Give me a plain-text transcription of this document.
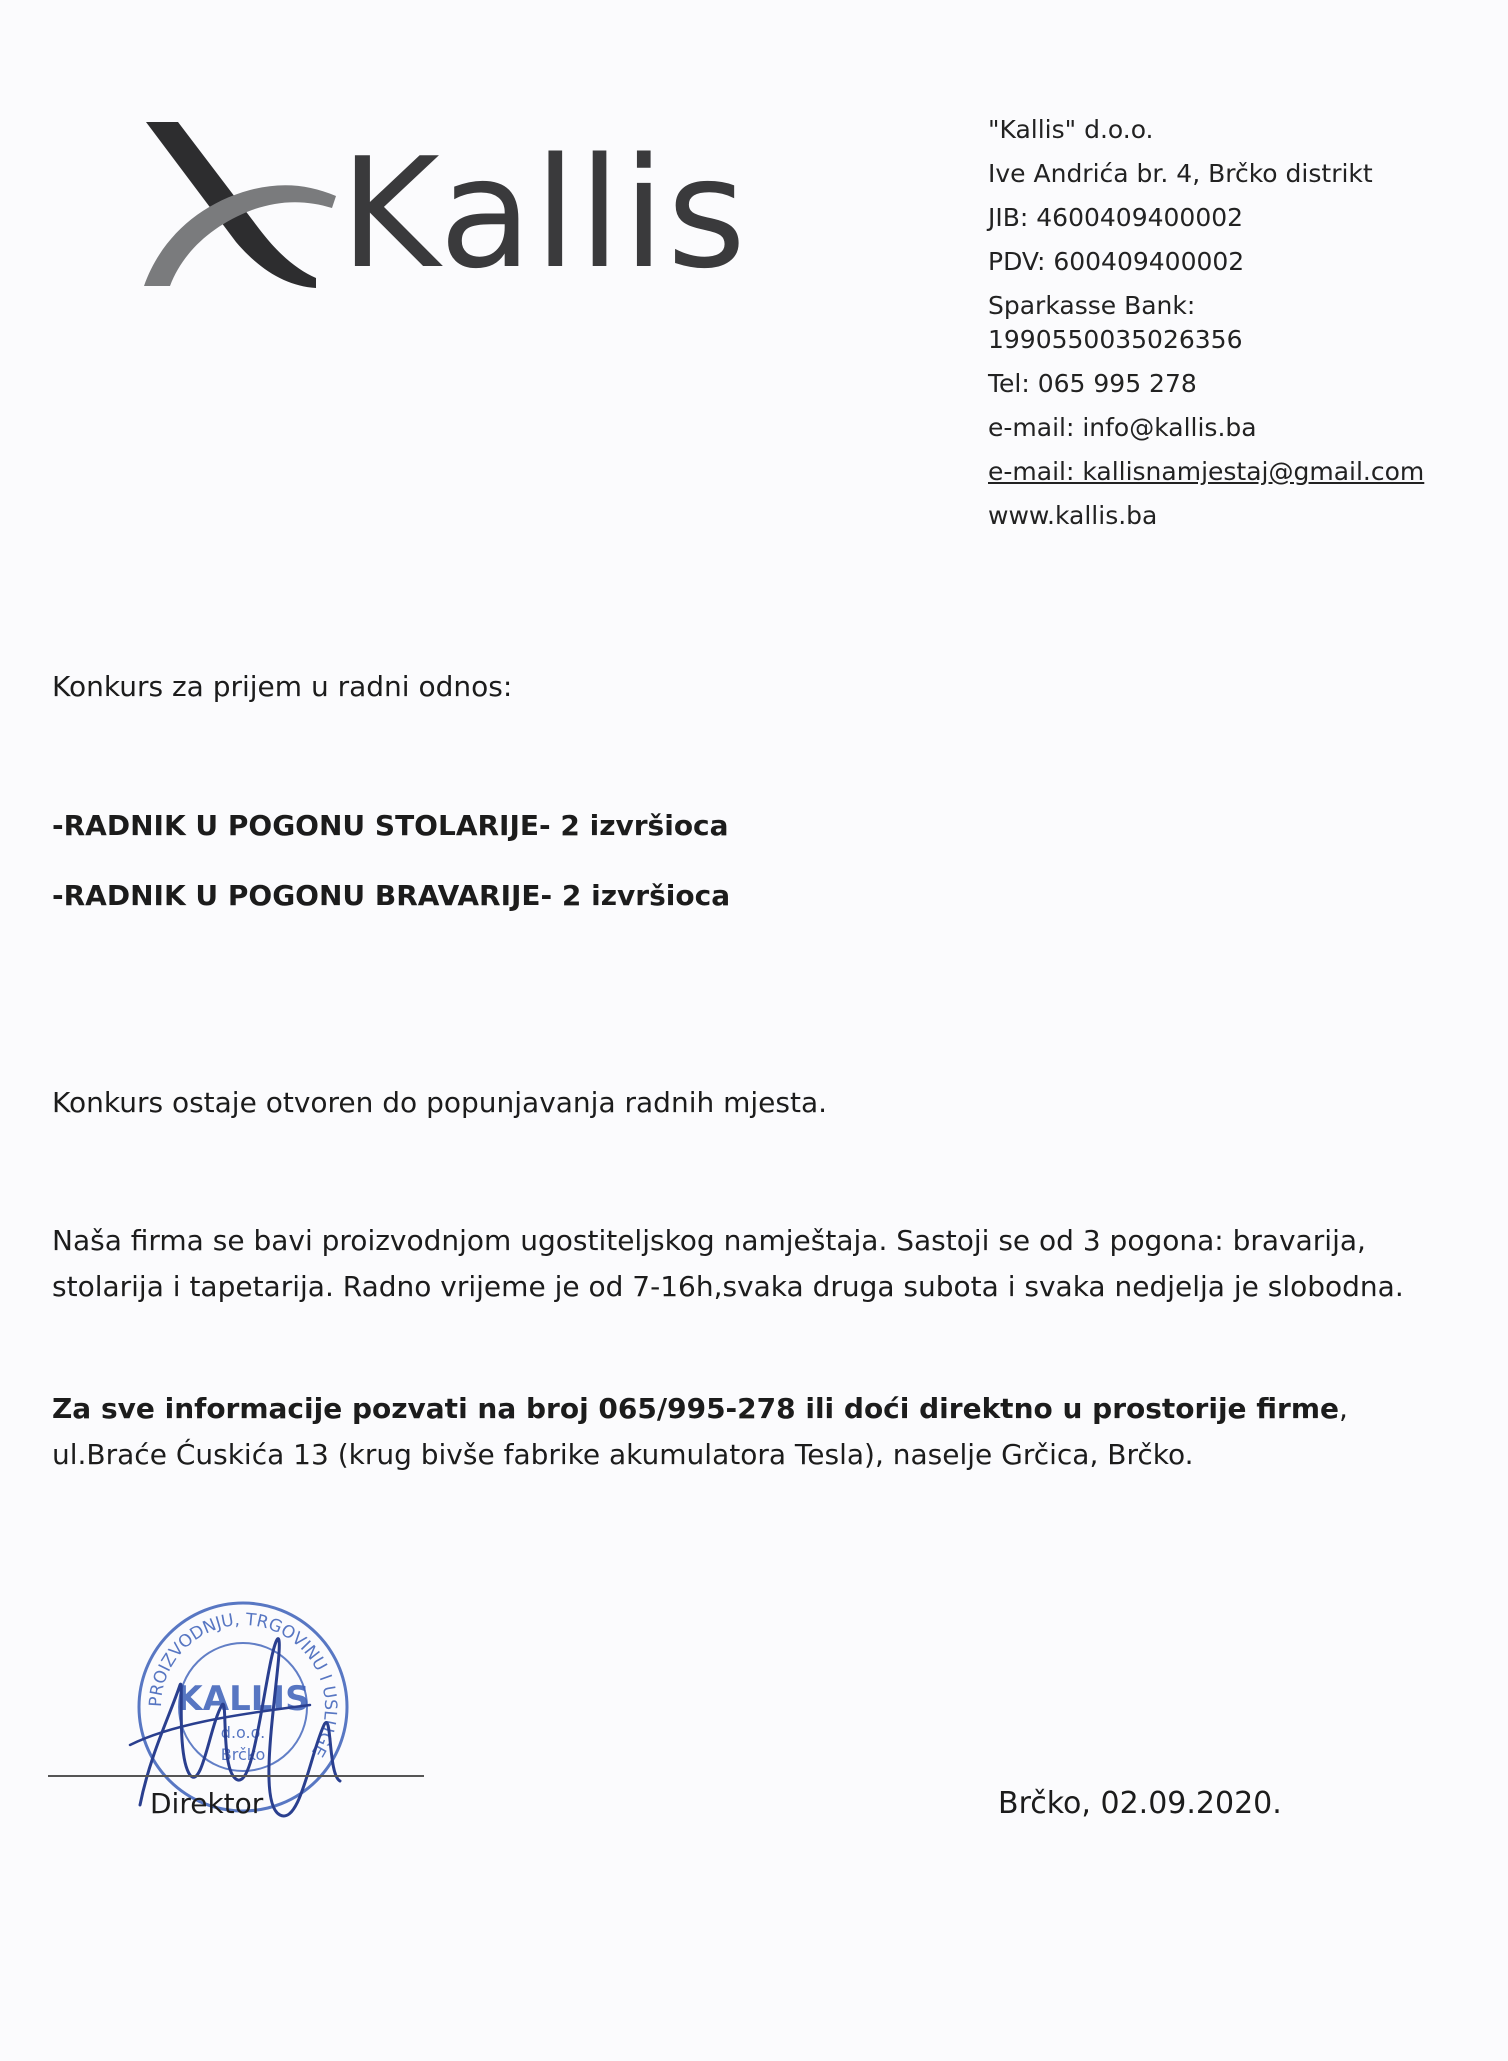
Kallis	"Kallis" d.o.o.
Ive Andrića br. 4, Brčko distrikt
JIB: 4600409400002
PDV: 600409400002
Sparkasse Bank:
1990550035026356
Tel: 065 995 278
e-mail: info@kallis.ba
e-mail: kallisnamjestaj@gmail.com
www.kallis.ba
Konkurs za prijem u radni odnos:
-RADNIK U POGONU STOLARIJE- 2 izvršioca
-RADNIK U POGONU BRAVARIJE- 2 izvršioca
Konkurs ostaje otvoren do popunjavanja radnih mjesta.
Naša firma se bavi proizvodnjom ugostiteljskog namještaja. Sastoji se od 3 pogona: bravarija, stolarija i tapetarija. Radno vrijeme je od 7-16h,svaka druga subota i svaka nedjelja je slobodna.
Za sve informacije pozvati na broj 065/995-278 ili doći direktno u prostorije firme, ul.Braće Ćuskića 13 (krug bivše fabrike akumulatora Tesla), naselje Grčica, Brčko.
PROIZVODNJU, TRGOVINU I USLUGE
KALLIS
d.o.o.
Brčko
Direktor	Brčko, 02.09.2020.
